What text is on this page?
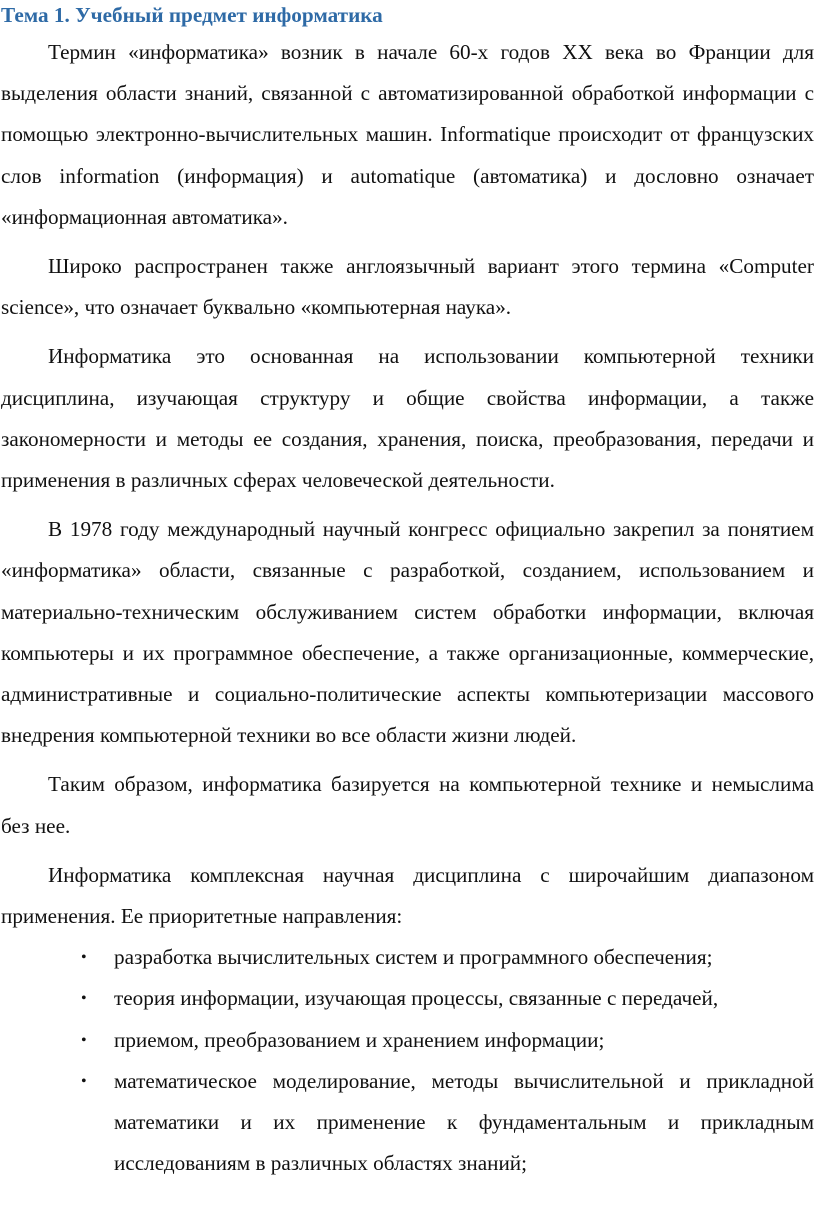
Тема 1. Учебный предмет информатика

Термин «информатика» возник в начале 60-х годов XX века во Франции для выделения области знаний, связанной с автоматизированной обработкой информации с помощью электронно-вычислительных машин. Informatique происходит от французских слов information (информация) и automatique (автоматика) и дословно означает «информационная автоматика».

Широко распространен также англоязычный вариант этого термина «Computer science», что означает буквально «компьютерная наука».

Информатика это основанная на использовании компьютерной техники дисциплина, изучающая структуру и общие свойства информации, а также закономерности и методы ее создания, хранения, поиска, преобразования, передачи и применения в различных сферах человеческой деятельности.

В 1978 году международный научный конгресс официально закрепил за понятием «информатика» области, связанные с разработкой, созданием, использованием и материально-техническим обслуживанием систем обработки информации, включая компьютеры и их программное обеспечение, а также организационные, коммерческие, административные и социально-политические аспекты компьютеризации массового внедрения компьютерной техники во все области жизни людей.

Таким образом, информатика базируется на компьютерной технике и немыслима без нее.

Информатика комплексная научная дисциплина с широчайшим диапазоном применения. Ее приоритетные направления:

• разработка вычислительных систем и программного обеспечения;
• теория информации, изучающая процессы, связанные с передачей,
• приемом, преобразованием и хранением информации;
• математическое моделирование, методы вычислительной и прикладной математики и их применение к фундаментальным и прикладным исследованиям в различных областях знаний;
